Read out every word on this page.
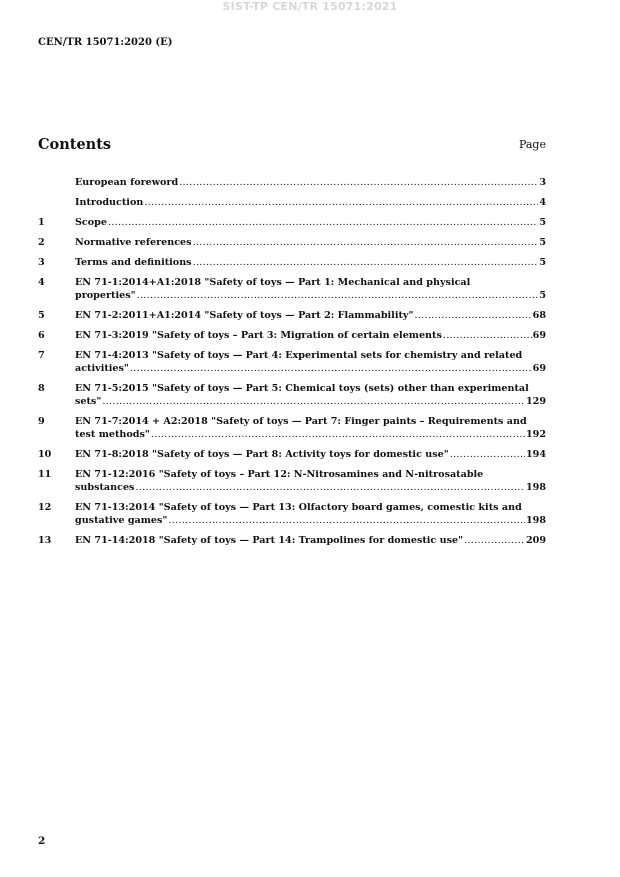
SIST-TP CEN/TR 15071:2021
CEN/TR 15071:2020 (E)
Contents	Page
European foreword .....	3
Introduction .....	4
1	Scope .....	5
2	Normative references .....	5
3	Terms and definitions .....	5
4	EN 71-1:2014+A1:2018 "Safety of toys — Part 1: Mechanical and physical
properties" .....	5
5	EN 71-2:2011+A1:2014 "Safety of toys — Part 2: Flammability" .....	68
6	EN 71-3:2019 "Safety of toys – Part 3: Migration of certain elements .....	69
7	EN 71-4:2013 "Safety of toys — Part 4: Experimental sets for chemistry and related
activities" .....	69
8	EN 71-5:2015 "Safety of toys — Part 5: Chemical toys (sets) other than experimental
sets" .....	129
9	EN 71-7:2014 + A2:2018 "Safety of toys — Part 7: Finger paints – Requirements and
test methods" .....	192
10	EN 71-8:2018 "Safety of toys — Part 8: Activity toys for domestic use" .....	194
11	EN 71-12:2016 "Safety of toys – Part 12: N-Nitrosamines and N-nitrosatable
substances .....	198
12	EN 71-13:2014 "Safety of toys — Part 13: Olfactory board games, comestic kits and
gustative games" .....	198
13	EN 71-14:2018 "Safety of toys — Part 14: Trampolines for domestic use" .....	209
2
